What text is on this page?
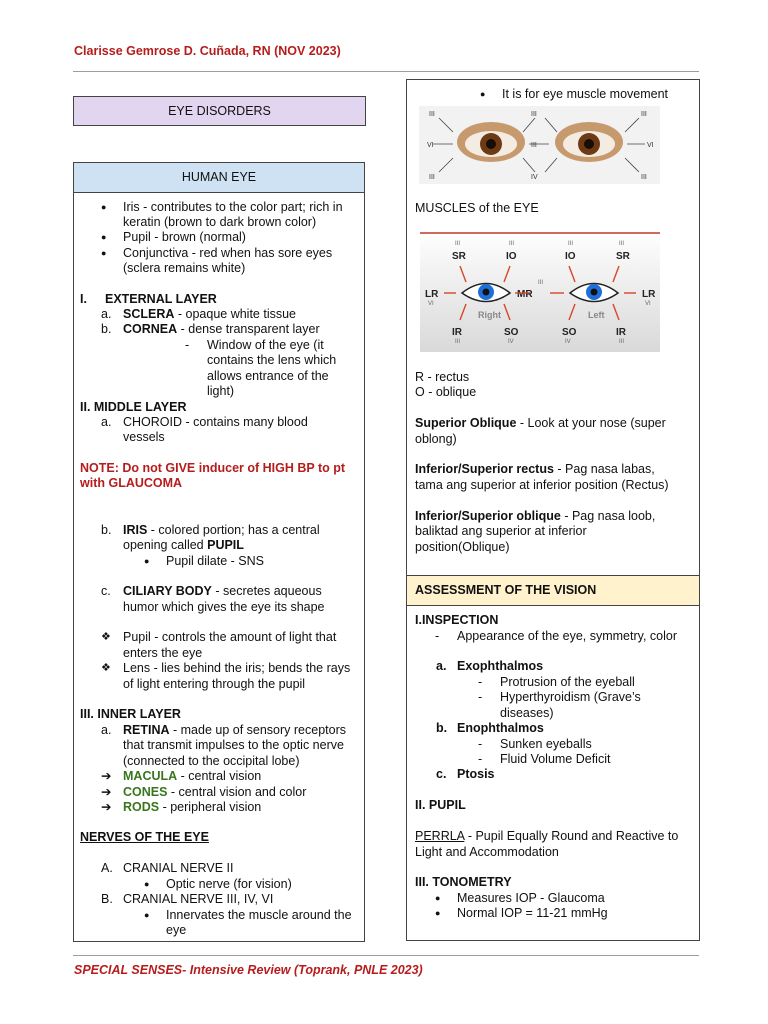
Clarisse Gemrose D. Cuñada, RN (NOV 2023)
EYE DISORDERS
HUMAN EYE
● Iris - contributes to the color part; rich in
keratin (brown to dark brown color)
● Pupil - brown (normal)
● Conjunctiva - red when has sore eyes
(sclera remains white)
I. EXTERNAL LAYER
a. SCLERA - opaque white tissue
b. CORNEA - dense transparent layer
- Window of the eye (it
contains the lens which
allows entrance of the
light)
II. MIDDLE LAYER
a. CHOROID - contains many blood
vessels
NOTE: Do not GIVE inducer of HIGH BP to pt
with GLAUCOMA
b. IRIS - colored portion; has a central
opening called PUPIL
● Pupil dilate - SNS
c. CILIARY BODY - secretes aqueous
humor which gives the eye its shape
❖ Pupil - controls the amount of light that
enters the eye
❖ Lens - lies behind the iris; bends the rays
of light entering through the pupil
III. INNER LAYER
a. RETINA - made up of sensory receptors
that transmit impulses to the optic nerve
(connected to the occipital lobe)
➔ MACULA - central vision
➔ CONES - central vision and color
➔ RODS - peripheral vision
NERVES OF THE EYE
A. CRANIAL NERVE II
● Optic nerve (for vision)
B. CRANIAL NERVE III, IV, VI
● Innervates the muscle around the
eye
● It is for eye muscle movement
III
VI
III
III
III
IV
III
VI
III
MUSCLES of the EYE
SR	IO	IO	SR
LR	MR	LR
IR	SO	SO	IR
III	III	III	III
VI
III
VI
III	IV	IV	III
Right	Left
R - rectus
O - oblique
Superior Oblique - Look at your nose (super
oblong)
Inferior/Superior rectus - Pag nasa labas,
tama ang superior at inferior position (Rectus)
Inferior/Superior oblique - Pag nasa loob,
baliktad ang superior at inferior
position(Oblique)
ASSESSMENT OF THE VISION
I.INSPECTION
- Appearance of the eye, symmetry, color
a. Exophthalmos
- Protrusion of the eyeball
- Hyperthyroidism (Grave’s
diseases)
b. Enophthalmos
- Sunken eyeballs
- Fluid Volume Deficit
c. Ptosis
II. PUPIL
PERRLA - Pupil Equally Round and Reactive to
Light and Accommodation
III. TONOMETRY
● Measures IOP - Glaucoma
● Normal IOP = 11-21 mmHg
SPECIAL SENSES- Intensive Review (Toprank, PNLE 2023)
